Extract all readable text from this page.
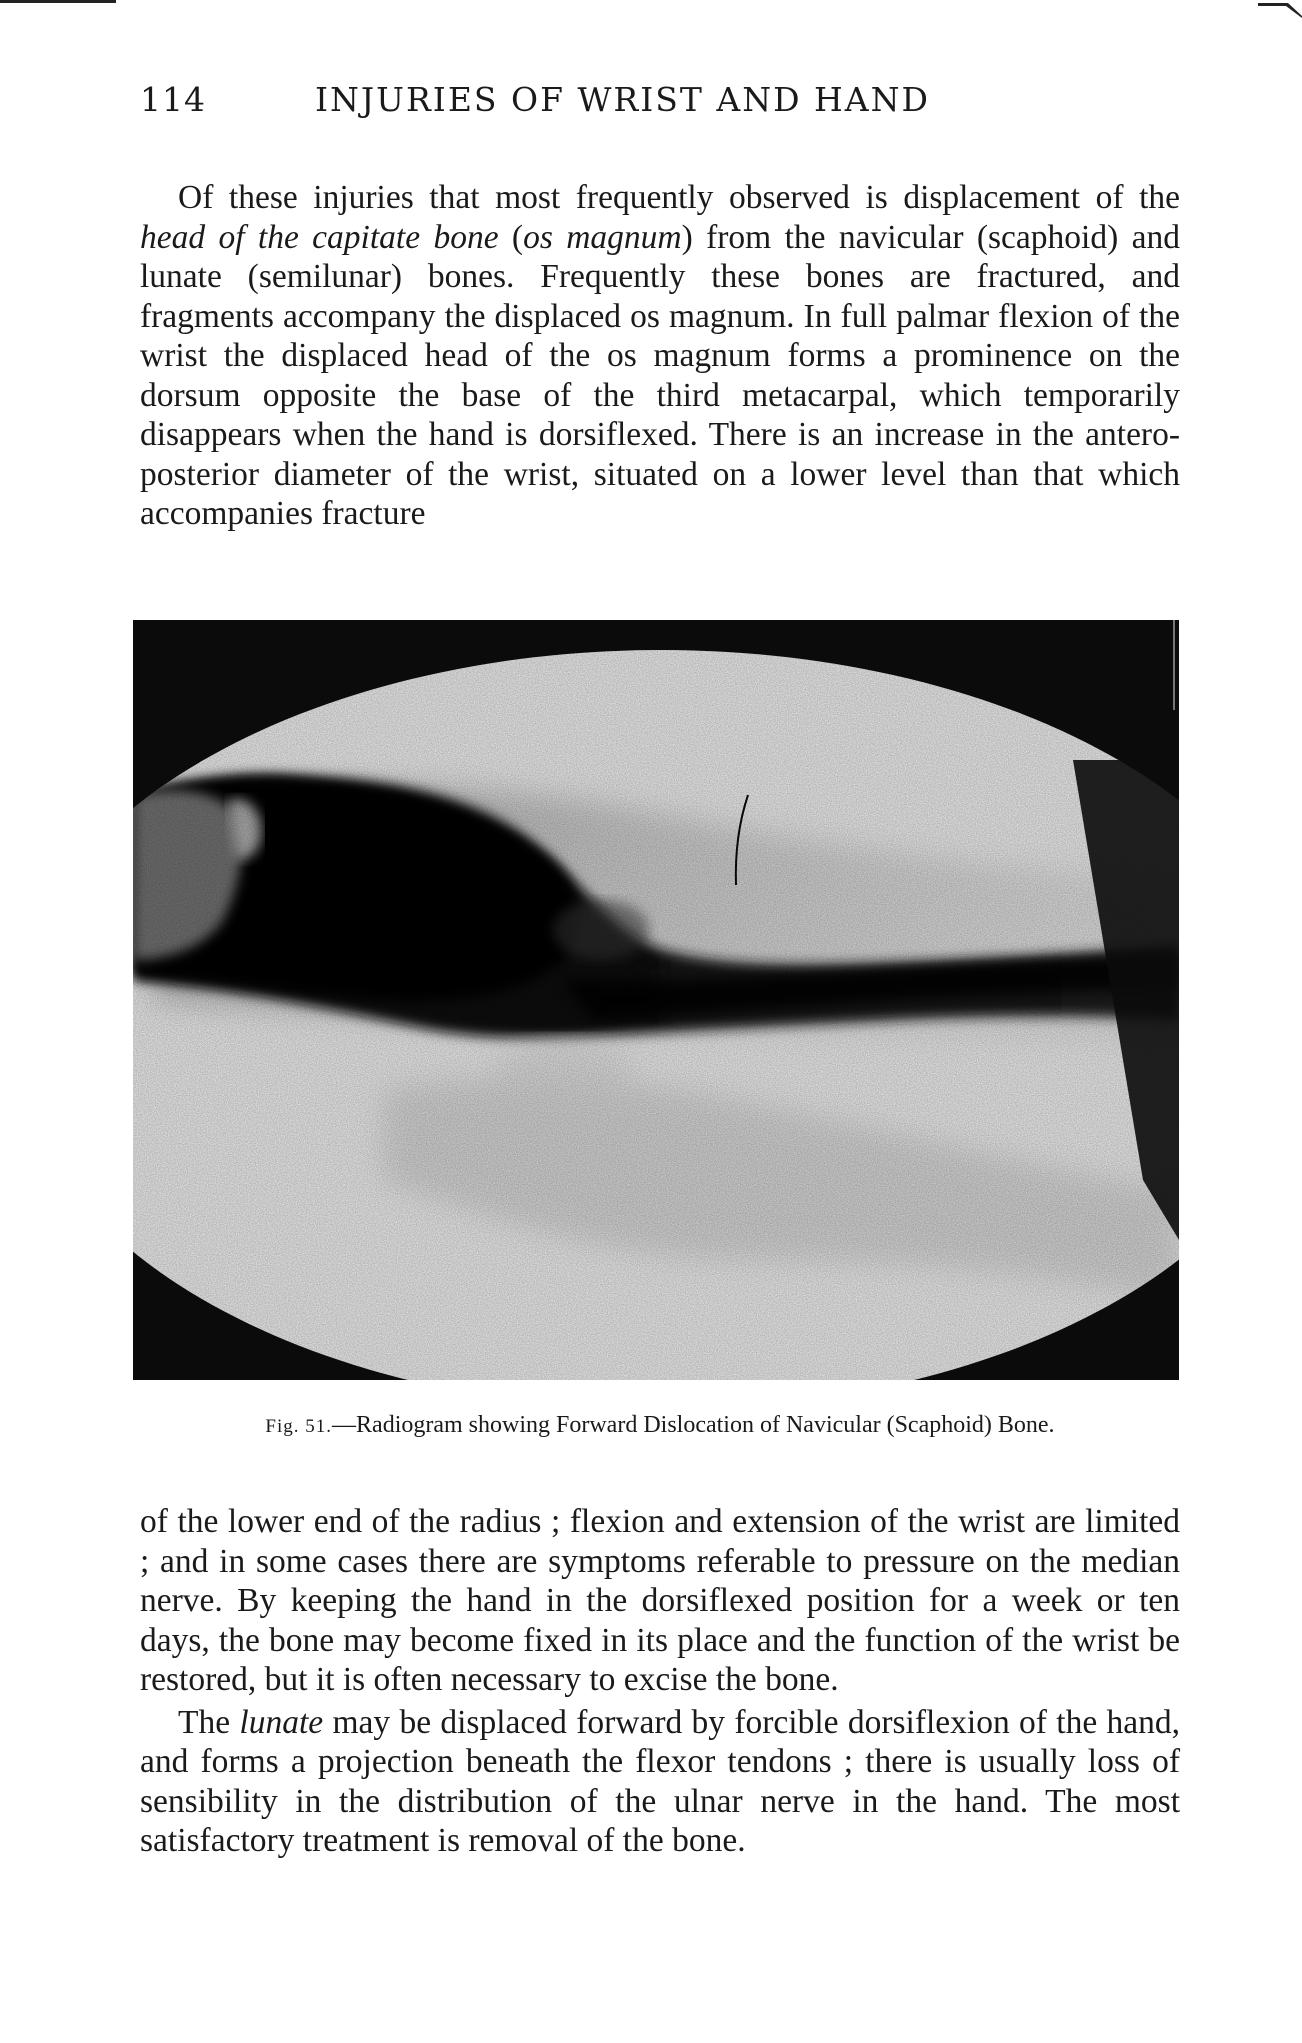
114	INJURIES OF WRIST AND HAND

Of these injuries that most frequently observed is displacement of the head of the capitate bone (os magnum) from the navicular (scaphoid) and lunate (semilunar) bones. Frequently these bones are fractured, and fragments accompany the displaced os magnum. In full palmar flexion of the wrist the displaced head of the os magnum forms a prominence on the dorsum opposite the base of the third metacarpal, which temporarily disappears when the hand is dorsiflexed. There is an increase in the antero-posterior diameter of the wrist, situated on a lower level than that which accompanies fracture

Fig. 51.—Radiogram showing Forward Dislocation of Navicular (Scaphoid) Bone.

of the lower end of the radius ; flexion and extension of the wrist are limited ; and in some cases there are symptoms referable to pressure on the median nerve. By keeping the hand in the dorsiflexed position for a week or ten days, the bone may become fixed in its place and the function of the wrist be restored, but it is often necessary to excise the bone.

The lunate may be displaced forward by forcible dorsiflexion of the hand, and forms a projection beneath the flexor tendons ; there is usually loss of sensibility in the distribution of the ulnar nerve in the hand. The most satisfactory treatment is removal of the bone.
